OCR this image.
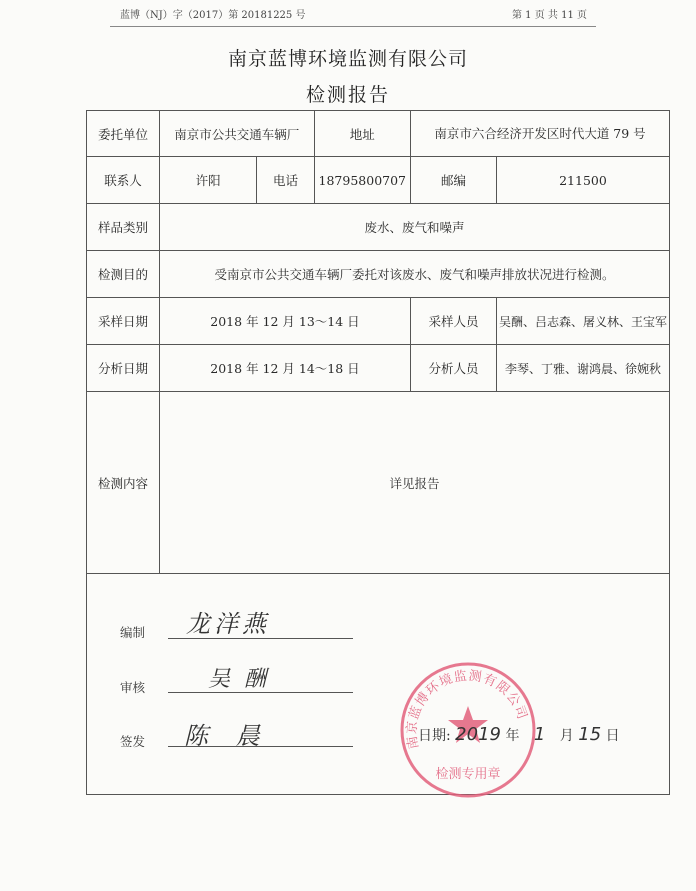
蓝博（NJ）字（2017）第 20181225 号	第 1 页 共 11 页
南京蓝博环境监测有限公司
检测报告
委托单位	南京市公共交通车辆厂		地址	南京市六合经济开发区时代大道 79 号	
联系人	许阳	电话	18795800707	邮编	211500
样品类别	废水、废气和噪声				
检测目的	受南京市公共交通车辆厂委托对该废水、废气和噪声排放状况进行检测。				
采样日期	2018 年 12 月 13～14 日			采样人员	吴酬、吕志森、屠义林、王宝军
分析日期	2018 年 12 月 14～18 日			分析人员	李琴、丁雅、谢鸿晨、徐婉秋
检测内容	详见报告				
编制 龙洋燕
审核	吴酬
签发 陈 晨	南京蓝博环境监测有限公司
检测专用章
日期: 2019 年 1 月 15 日
